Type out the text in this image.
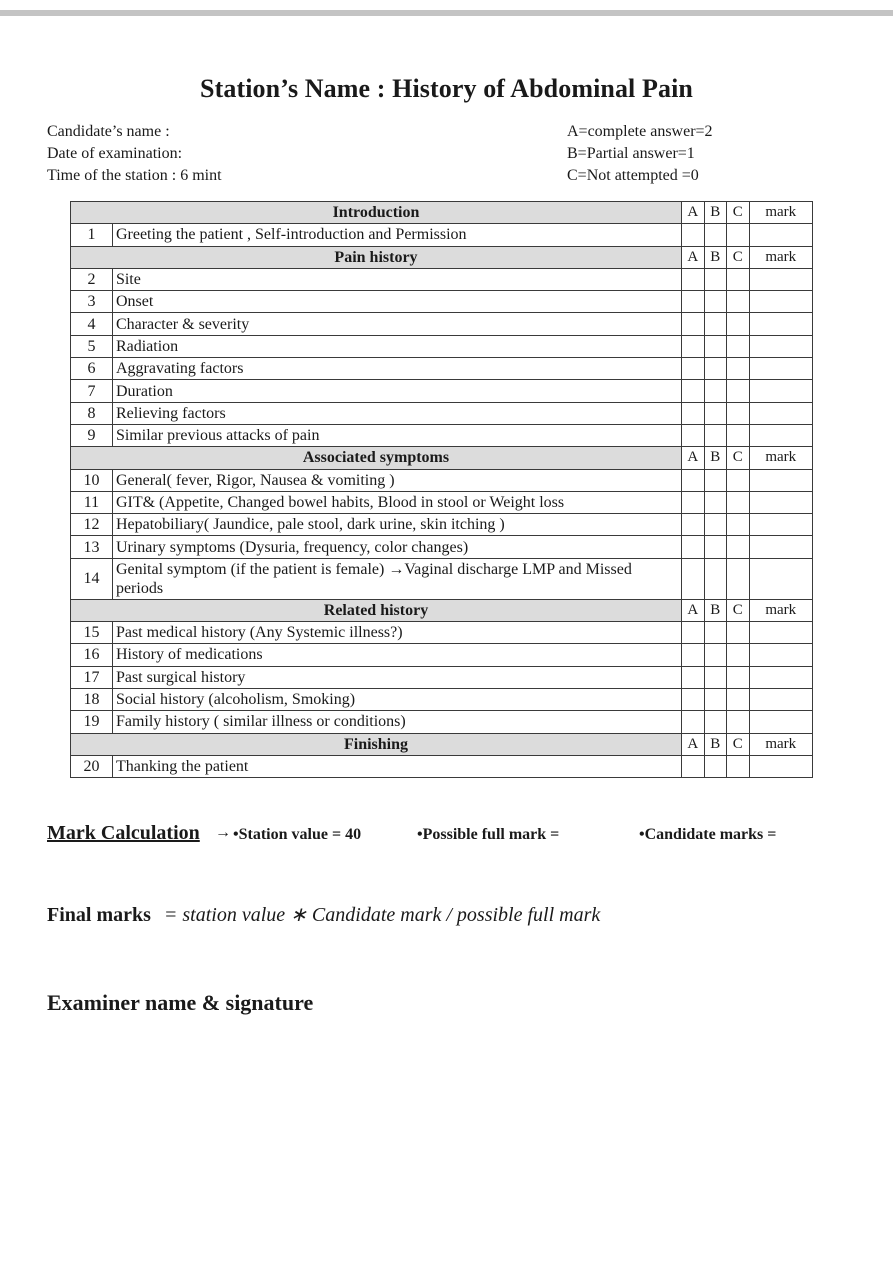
Station’s Name : History of Abdominal Pain
Candidate’s name :
Date of examination:
Time of the station : 6 mint
A=complete answer=2
B=Partial answer=1
C=Not attempted =0
Introduction		A	B	C	mark
1	Greeting the patient , Self-introduction and Permission				
Pain history		A	B	C	mark
2	Site				
3	Onset				
4	Character & severity				
5	Radiation				
6	Aggravating factors				
7	Duration				
8	Relieving factors				
9	Similar previous attacks of pain				
Associated symptoms		A	B	C	mark
10	General( fever, Rigor, Nausea & vomiting )				
11	GIT& (Appetite, Changed bowel habits, Blood in stool or Weight loss				
12	Hepatobiliary( Jaundice, pale stool, dark urine, skin itching )				
13	Urinary symptoms (Dysuria, frequency, color changes)				
14	Genital symptom (if the patient is female) →Vaginal discharge LMP and Missed periods				
Related history		A	B	C	mark
15	Past medical history (Any Systemic illness?)				
16	History of medications				
17	Past surgical history				
18	Social history (alcoholism, Smoking)				
19	Family history ( similar illness or conditions)				
Finishing		A	B	C	mark
20	Thanking the patient				
Mark Calculation → •Station value = 40	•Possible full mark =	•Candidate marks =
Final marks = station value ∗ Candidate mark / possible full mark
Examiner name & signature
